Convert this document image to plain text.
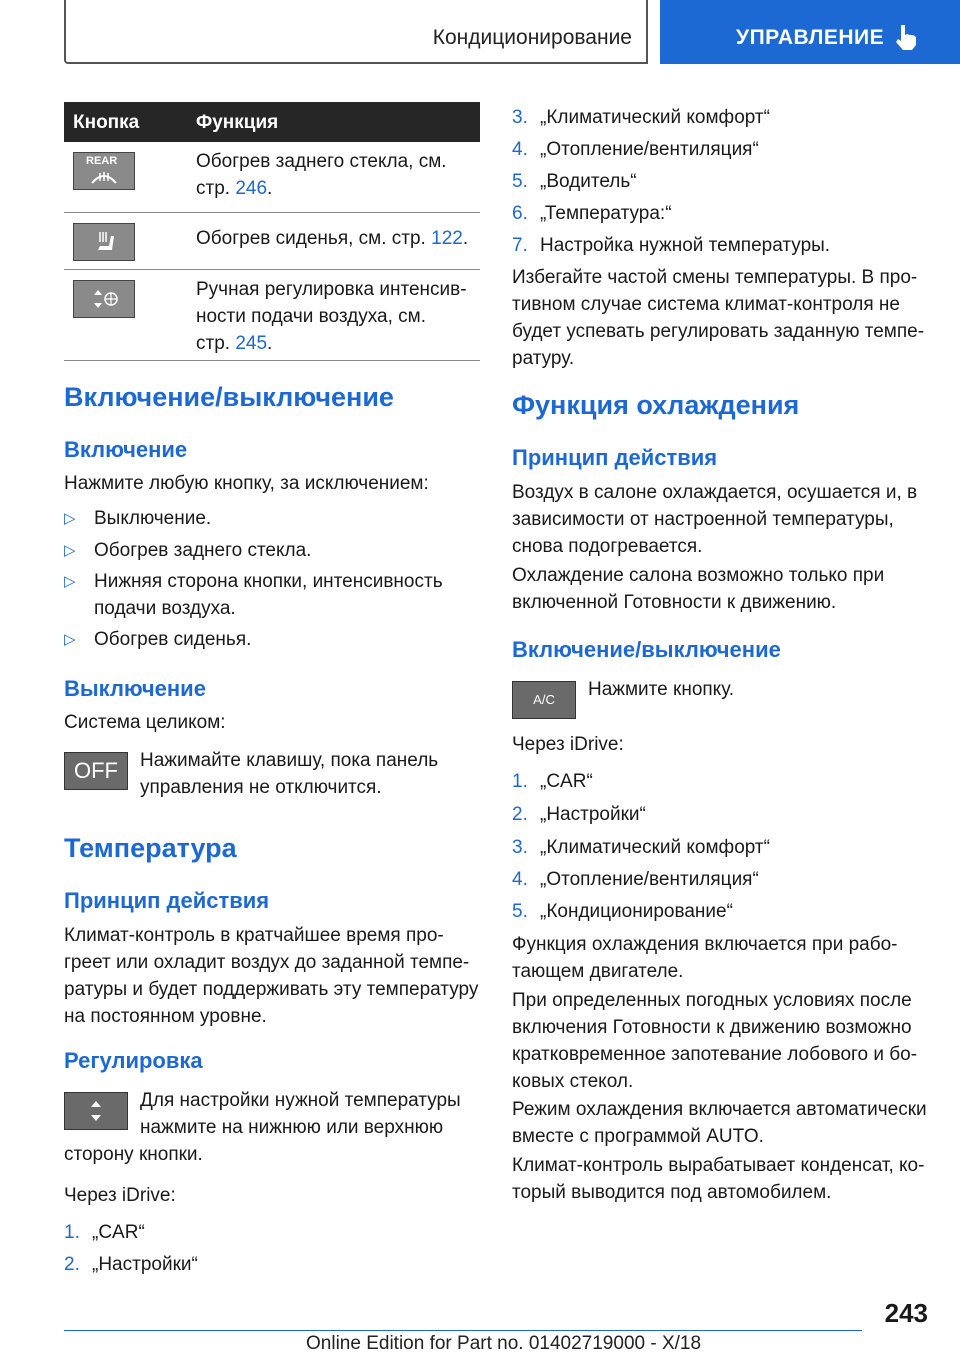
Кондиционирование	УПРАВЛЕНИЕ
Кнопка	Функция
REAR	Обогрев заднего стекла, см.
стр. 246.
Обогрев сиденья, см. стр. 122.
Ручная регулировка интенсив-
ности подачи воздуха, см.
стр. 245.
Включение/выключение
Включение
Нажмите любую кнопку, за исключением:
▷ Выключение.
▷ Обогрев заднего стекла.
▷ Нижняя сторона кнопки, интенсивность
подачи воздуха.
▷ Обогрев сиденья.
Выключение
Система целиком:
OFF	Нажимайте клавишу, пока панель
управления не отключится.
Температура
Принцип действия
Климат-контроль в кратчайшее время про-
греет или охладит воздух до заданной темпе-
ратуры и будет поддерживать эту температуру
на постоянном уровне.
Регулировка
Для настройки нужной температуры
нажмите на нижнюю или верхнюю
сторону кнопки.
Через iDrive:
1. „CAR“
2. „Настройки“
3. „Климатический комфорт“
4. „Отопление/вентиляция“
5. „Водитель“
6. „Температура:“
7. Настройка нужной температуры.
Избегайте частой смены температуры. В про-
тивном случае система климат-контроля не
будет успевать регулировать заданную темпе-
ратуру.
Функция охлаждения
Принцип действия
Воздух в салоне охлаждается, осушается и, в
зависимости от настроенной температуры,
снова подогревается.
Охлаждение салона возможно только при
включенной Готовности к движению.
Включение/выключение
A/C	Нажмите кнопку.
Через iDrive:
1. „CAR“
2. „Настройки“
3. „Климатический комфорт“
4. „Отопление/вентиляция“
5. „Кондиционирование“
Функция охлаждения включается при рабо-
тающем двигателе.
При определенных погодных условиях после
включения Готовности к движению возможно
кратковременное запотевание лобового и бо-
ковых стекол.
Режим охлаждения включается автоматически
вместе с программой AUTO.
Климат-контроль вырабатывает конденсат, ко-
торый выводится под автомобилем.
243
Online Edition for Part no. 01402719000 - X/18
